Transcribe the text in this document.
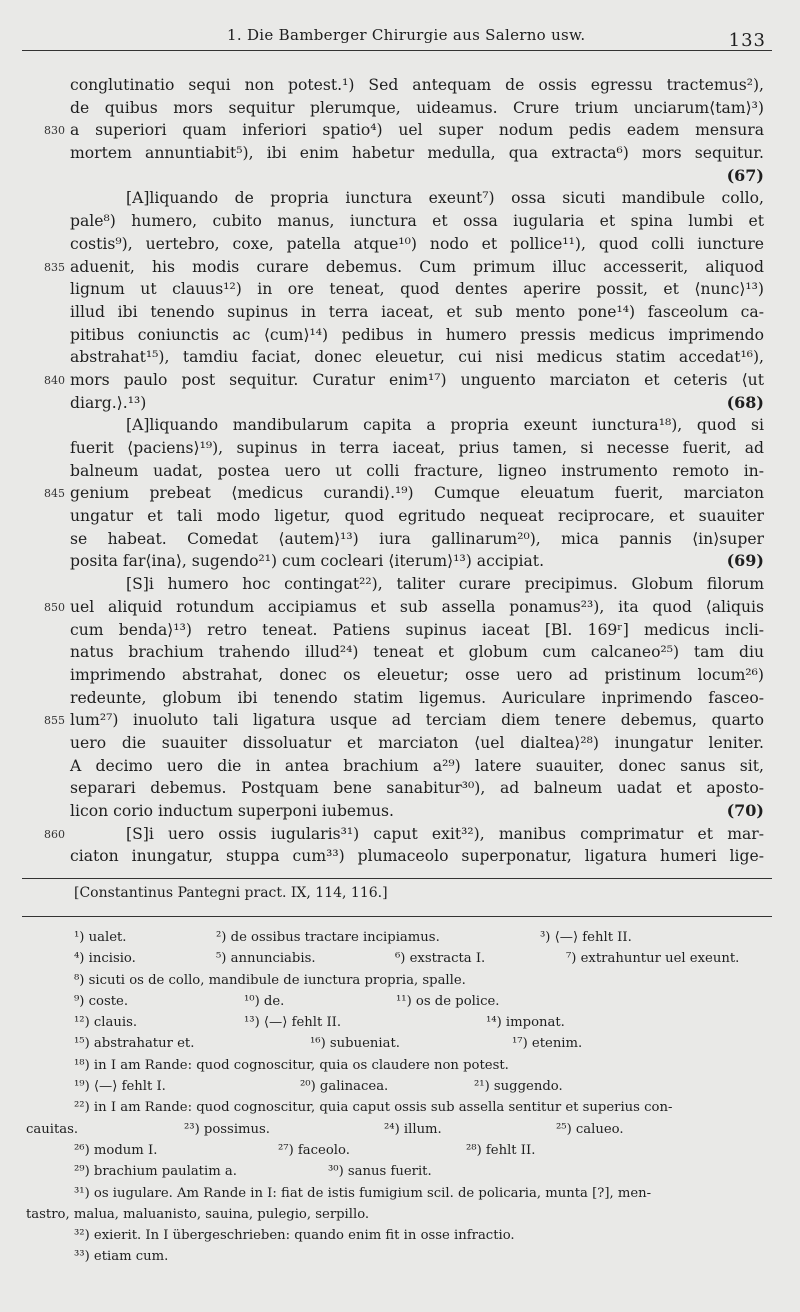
1. Die Bamberger Chirurgie aus Salerno usw.	133
conglutinatio sequi non potest.¹) Sed antequam de ossis egressu tractemus²),
de quibus mors sequitur plerumque, uideamus. Crure trium unciarum⟨tam⟩³)
830 a superiori quam inferiori spatio⁴) uel super nodum pedis eadem mensura
mortem annuntiabit⁵), ibi enim habetur medulla, qua extracta⁶) mors sequitur.
(67)
[A]liquando de propria iunctura exeunt⁷) ossa sicuti mandibule collo,
pale⁸) humero, cubito manus, iunctura et ossa iugularia et spina lumbi et
costis⁹), uertebro, coxe, patella atque¹⁰) nodo et pollice¹¹), quod colli iuncture
835 aduenit, his modis curare debemus. Cum primum illuc accesserit, aliquod
lignum ut clauus¹²) in ore teneat, quod dentes aperire possit, et ⟨nunc⟩¹³)
illud ibi tenendo supinus in terra iaceat, et sub mento pone¹⁴) fasceolum ca-
pitibus coniunctis ac ⟨cum⟩¹⁴) pedibus in humero pressis medicus imprimendo
abstrahat¹⁵), tamdiu faciat, donec eleuetur, cui nisi medicus statim accedat¹⁶),
840 mors paulo post sequitur. Curatur enim¹⁷) unguento marciaton et ceteris ⟨ut
(68)
diarg.⟩.¹³)
[A]liquando mandibularum capita a propria exeunt iunctura¹⁸), quod si
fuerit ⟨paciens⟩¹⁹), supinus in terra iaceat, prius tamen, si necesse fuerit, ad
balneum uadat, postea uero ut colli fracture, ligneo instrumento remoto in-
845 genium prebeat ⟨medicus curandi⟩.¹⁹) Cumque eleuatum fuerit, marciaton
ungatur et tali modo ligetur, quod egritudo nequeat reciprocare, et suauiter
se habeat. Comedat ⟨autem⟩¹³) iura gallinarum²⁰), mica pannis ⟨in⟩super
(69)
posita far⟨ina⟩, sugendo²¹) cum cocleari ⟨iterum⟩¹³) accipiat.
[S]i humero hoc contingat²²), taliter curare precipimus. Globum filorum
850 uel aliquid rotundum accipiamus et sub assella ponamus²³), ita quod ⟨aliquis
cum benda⟩¹³) retro teneat. Patiens supinus iaceat [Bl. 169ʳ] medicus incli-
natus brachium trahendo illud²⁴) teneat et globum cum calcaneo²⁵) tam diu
imprimendo abstrahat, donec os eleuetur; osse uero ad pristinum locum²⁶)
redeunte, globum ibi tenendo statim ligemus. Auriculare inprimendo fasceo-
855 lum²⁷) inuoluto tali ligatura usque ad terciam diem tenere debemus, quarto
uero die suauiter dissoluatur et marciaton ⟨uel dialtea⟩²⁸) inungatur leniter.
A decimo uero die in antea brachium a²⁹) latere suauiter, donec sanus sit,
separari debemus. Postquam bene sanabitur³⁰), ad balneum uadat et aposto-
(70)
licon corio inductum superponi iubemus.
860	[S]i uero ossis iugularis³¹) caput exit³²), manibus comprimatur et mar-
ciaton inungatur, stuppa cum³³) plumaceolo superponatur, ligatura humeri lige-
[Constantinus Pantegni pract. IX, 114, 116.]
¹) ualet.	²) de ossibus tractare incipiamus.	³) ⟨—⟩ fehlt II.
⁴) incisio.	⁵) annunciabis.	⁶) exstracta I.	⁷) extrahuntur uel exeunt.
⁸) sicuti os de collo, mandibule de iunctura propria, spalle.
⁹) coste.	¹⁰) de.	¹¹) os de police.
¹²) clauis.	¹³) ⟨—⟩ fehlt II.	¹⁴) imponat.
¹⁵) abstrahatur et.	¹⁶) subueniat.	¹⁷) etenim.
¹⁸) in I am Rande: quod cognoscitur, quia os claudere non potest.
¹⁹) ⟨—⟩ fehlt I.	²⁰) galinacea.	²¹) suggendo.
²²) in I am Rande: quod cognoscitur, quia caput ossis sub assella sentitur et superius con-
cauitas.	²³) possimus.	²⁴) illum.	²⁵) calueo.
²⁶) modum I.	²⁷) faceolo.	²⁸) fehlt II.
²⁹) brachium paulatim a.	³⁰) sanus fuerit.
³¹) os iugulare. Am Rande in I: fiat de istis fumigium scil. de policaria, munta [?], men-
tastro, malua, maluanisto, sauina, pulegio, serpillo.
³²) exierit. In I übergeschrieben: quando enim fit in osse infractio.
³³) etiam cum.
